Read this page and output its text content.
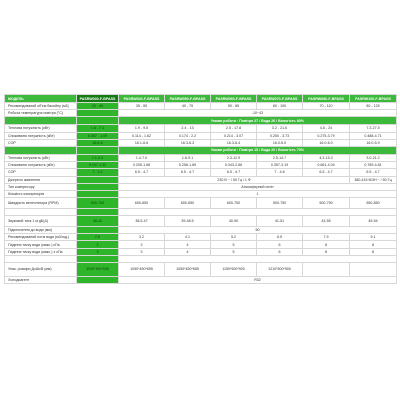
МОДЕЛЬ	PASRW030-F-BPASS	PASRW040-F-BPASS	PASRW050-F-BPASS	PASRW060-F-BPASS	PASRW070-F-BPASS	PASRW080-F-BPASS	PASRW100-F-BPASS
Рекомендований об'єм басейну (м3)	20 - 45	35 - 55	40 - 75	50 - 85	60 - 100	70 - 110	80 - 125
Робоча температура повітря (°С)		-10~43					
		Умови роботи : Повітря 27 / Вода 26 / Вологість 80%					
Теплова потужність (кВт)	1.6 - 7.1	1.9 - 9.5	2.4 - 13	2.5 - 17.8	3.2 - 21.6	4.5 - 24	7.3-27.5
Споживана потужність (кВт)	0.087 - 1.09	0.114 - 1.62	0.174 - 2.2	0.214 - 3.07	0.250 - 3.73	0.275-3.79	0.488-4.71
COP	16.6-6	16.1-6.6	16.3-6.3	16.3-6.4	16.0-6.0	16.0-6.0	16.0-5.9
		Умови роботи : Повітря 15 / Вода 26 / Вологість 70%					
Теплова потужність (кВт)	1.1-5.3	1.4-7.0	1.6-9.1	2.3-12.9	2.5-14.7	4.3-15.3	3.0-21.2
Споживана потужність (кВт)	0.157-1.32	0.205-1.68	0.258-1.89	0.343-2.66	0.357-3.19	0.661-4.04	0.789-4.81
COP	7 - 4.2	6.5 - 4.7	6.5 - 4.7	6.5 - 4.7	7 - 4.6	6.5 - 4.7	6.5 - 4.7
Джерело живлення		230 В ~ / 50 Гц / 1 Ф					380-415 В/3Н ~ / 50 Гц
Тип компресору		Атмосферний спліт					
Кількість компресорів		1					
Швидкість вентилятора (RPM)	600-700	600-650	600-650	600-750	500-750	500-750	550-850

Звуковий тиск 1 м дБ(А)	38-42	38.5-47	39-48.5	40-50	41-51	43-55	45-54
Підключення до води (мм)		50					
Рекомендований потік води (м3/год.)	2.6	3.2	4.1	5.2	6.5	7.9	9.1
Падіння тиску води (макс.) кПа	2	3	4	5	6	8	8
Падіння тиску води (макс.) ± кПа	3	3	4	5	6	8	8

Упак. розміри ДхШхВ (мм)	1030*450*655	1050*450*655	1050*450*655	1150*500*900	1210*500*900		
Холодоагент		R32					
